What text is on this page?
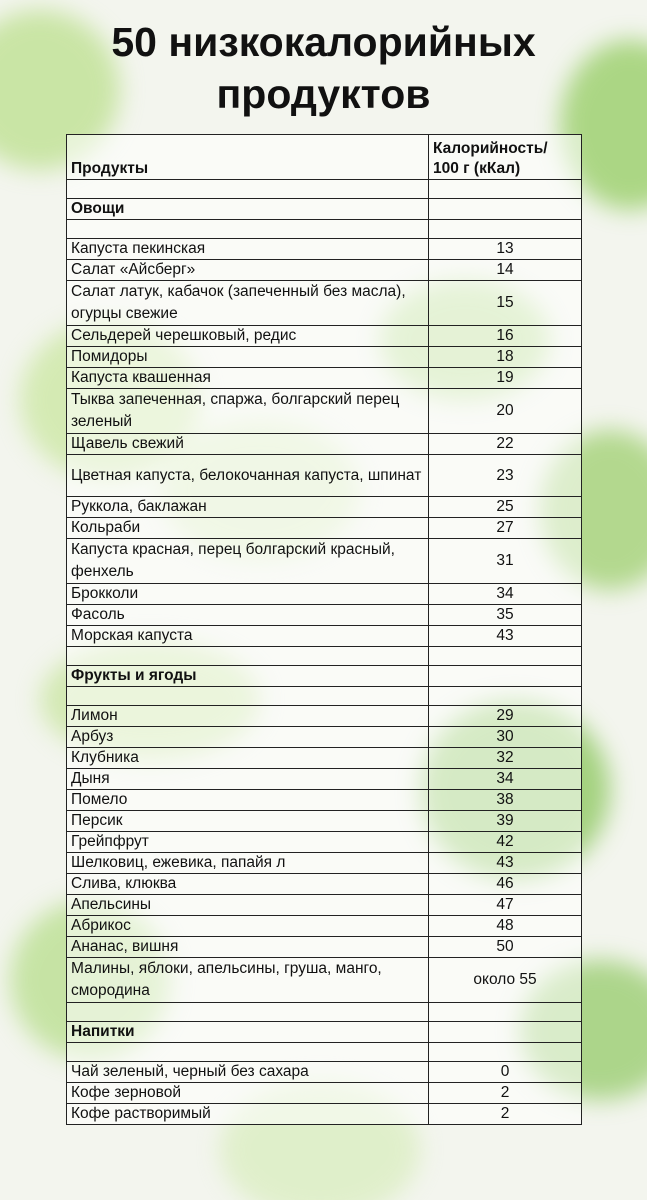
50 низкокалорийных продуктов
Продукты	Калорийность/ 100 г (кКал)

Овощи	

Капуста пекинская	13
Салат «Айсберг»	14
Салат латук, кабачок (запеченный без масла), огурцы свежие	15
Сельдерей черешковый, редис	16
Помидоры	18
Капуста квашенная	19
Тыква запеченная, спаржа, болгарский перец зеленый	20
Щавель свежий	22
Цветная капуста, белокочанная капуста, шпинат	23
Руккола, баклажан	25
Кольраби	27
Капуста красная, перец болгарский красный, фенхель	31
Брокколи	34
Фасоль	35
Морская капуста	43

Фрукты и ягоды	

Лимон	29
Арбуз	30
Клубника	32
Дыня	34
Помело	38
Персик	39
Грейпфрут	42
Шелковиц, ежевика, папайя л	43
Слива, клюква	46
Апельсины	47
Абрикос	48
Ананас, вишня	50
Малины, яблоки, апельсины, груша, манго, смородина	около 55

Напитки	

Чай зеленый, черный без сахара	0
Кофе зерновой	2
Кофе растворимый	2
